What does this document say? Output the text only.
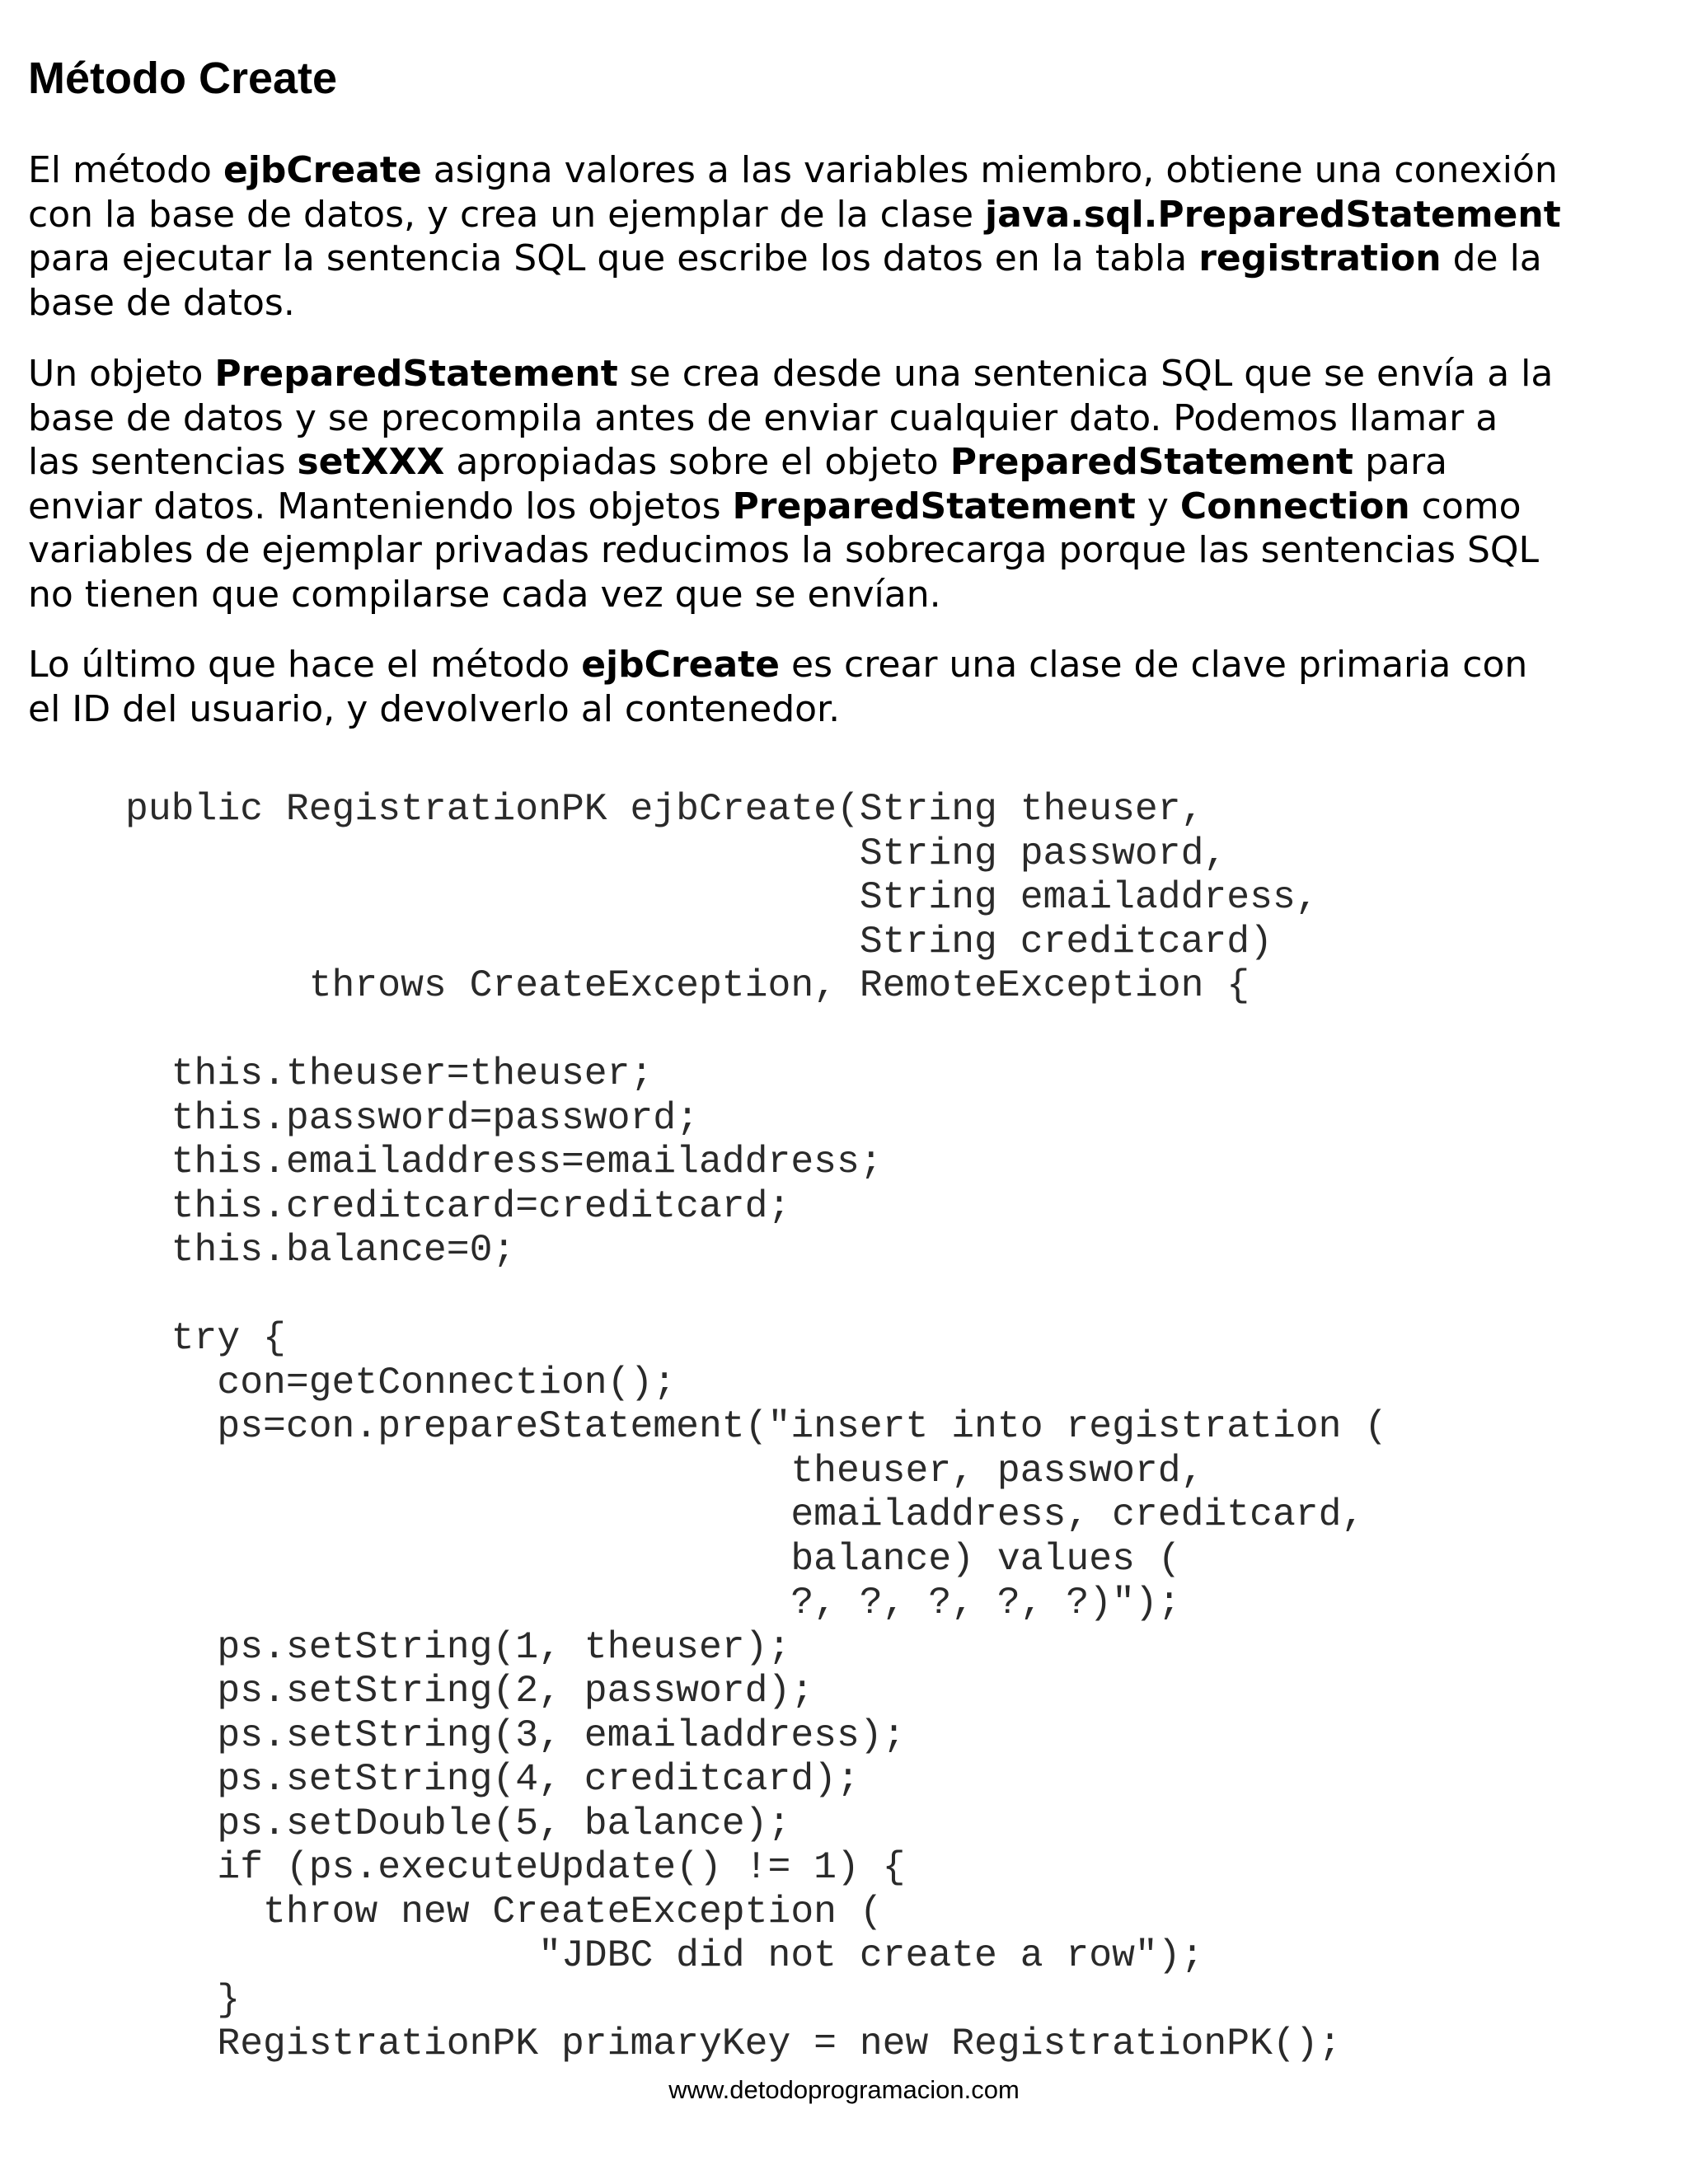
Método Create

El método ejbCreate asigna valores a las variables miembro, obtiene una conexión
con la base de datos, y crea un ejemplar de la clase java.sql.PreparedStatement
para ejecutar la sentencia SQL que escribe los datos en la tabla registration de la
base de datos.

Un objeto PreparedStatement se crea desde una sentenica SQL que se envía a la
base de datos y se precompila antes de enviar cualquier dato. Podemos llamar a
las sentencias setXXX apropiadas sobre el objeto PreparedStatement para
enviar datos. Manteniendo los objetos PreparedStatement y Connection como
variables de ejemplar privadas reducimos la sobrecarga porque las sentencias SQL
no tienen que compilarse cada vez que se envían.

Lo último que hace el método ejbCreate es crear una clase de clave primaria con
el ID del usuario, y devolverlo al contenedor.

public RegistrationPK ejbCreate(String theuser,
String password,
String emailaddress,
String creditcard)
throws CreateException, RemoteException {
this.theuser=theuser;
this.password=password;
this.emailaddress=emailaddress;
this.creditcard=creditcard;
this.balance=0;
try {
con=getConnection();
ps=con.prepareStatement("insert into registration (
theuser, password,
emailaddress, creditcard,
balance) values (
?, ?, ?, ?, ?)");
ps.setString(1, theuser);
ps.setString(2, password);
ps.setString(3, emailaddress);
ps.setString(4, creditcard);
ps.setDouble(5, balance);
if (ps.executeUpdate() != 1) {
throw new CreateException (
"JDBC did not create a row");
}
RegistrationPK primaryKey = new RegistrationPK();
www.detodoprogramacion.com
